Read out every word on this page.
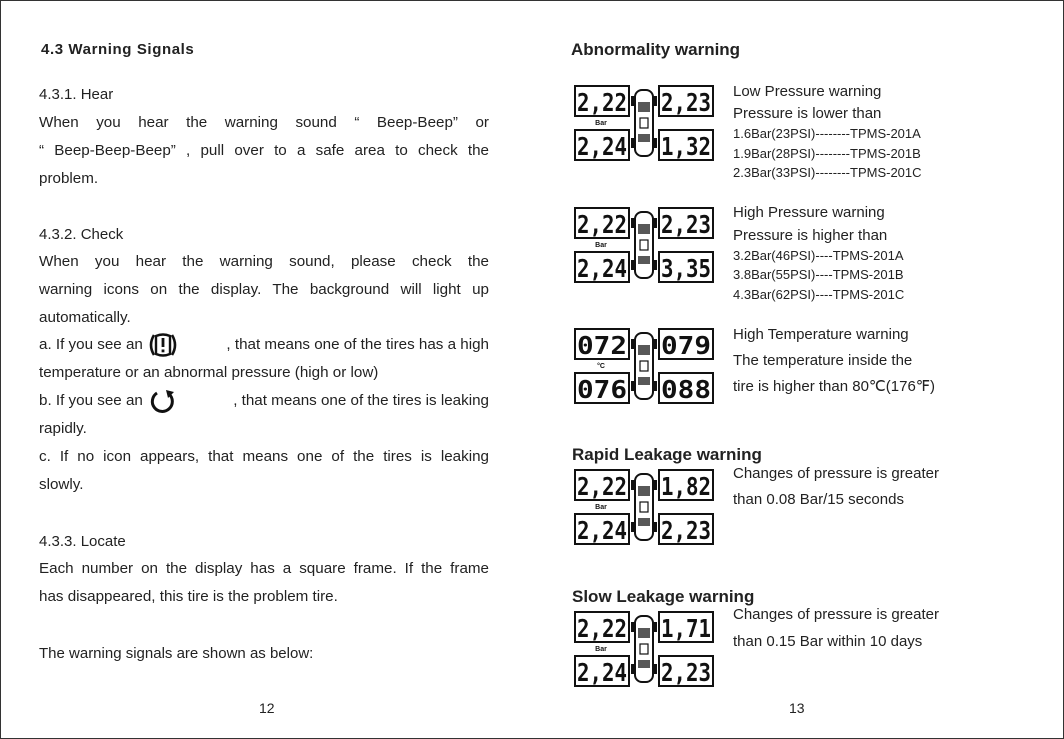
4.3 Warning Signals
4.3.1. Hear
When you hear the warning sound “ Beep-Beep” or
“ Beep-Beep-Beep” , pull over to a safe area to check the
problem.
4.3.2. Check
When you hear the warning sound, please check the
warning icons on the display. The background will light up
automatically.
a. If you see an	, that means one of the tires has a high
temperature or an abnormal pressure (high or low)
b. If you see an	, that means one of the tires is leaking
rapidly.
c. If no icon appears, that means one of the tires is leaking
slowly.
4.3.3. Locate
Each number on the display has a square frame. If the frame
has disappeared, this tire is the problem tire.
The warning signals are shown as below:
12
Abnormality warning
2,22 2,23
2,24 1,32
Bar
Low Pressure warning
Pressure is lower than
1.6Bar(23PSI)--------TPMS-201A
1.9Bar(28PSI)--------TPMS-201B
2.3Bar(33PSI)--------TPMS-201C
2,22 2,23
2,24 3,35
Bar
High Pressure warning
Pressure is higher than
3.2Bar(46PSI)----TPMS-201A
3.8Bar(55PSI)----TPMS-201B
4.3Bar(62PSI)----TPMS-201C
072 079
076 088
°C
High Temperature warning
The temperature inside the
tire is higher than 80℃(176℉)
Rapid Leakage warning
2,22 1,82
2,24 2,23
Bar
Changes of pressure is greater
than 0.08 Bar/15 seconds
Slow Leakage warning
2,22 1,71
2,24 2,23
Bar
Changes of pressure is greater
than 0.15 Bar within 10 days
13
